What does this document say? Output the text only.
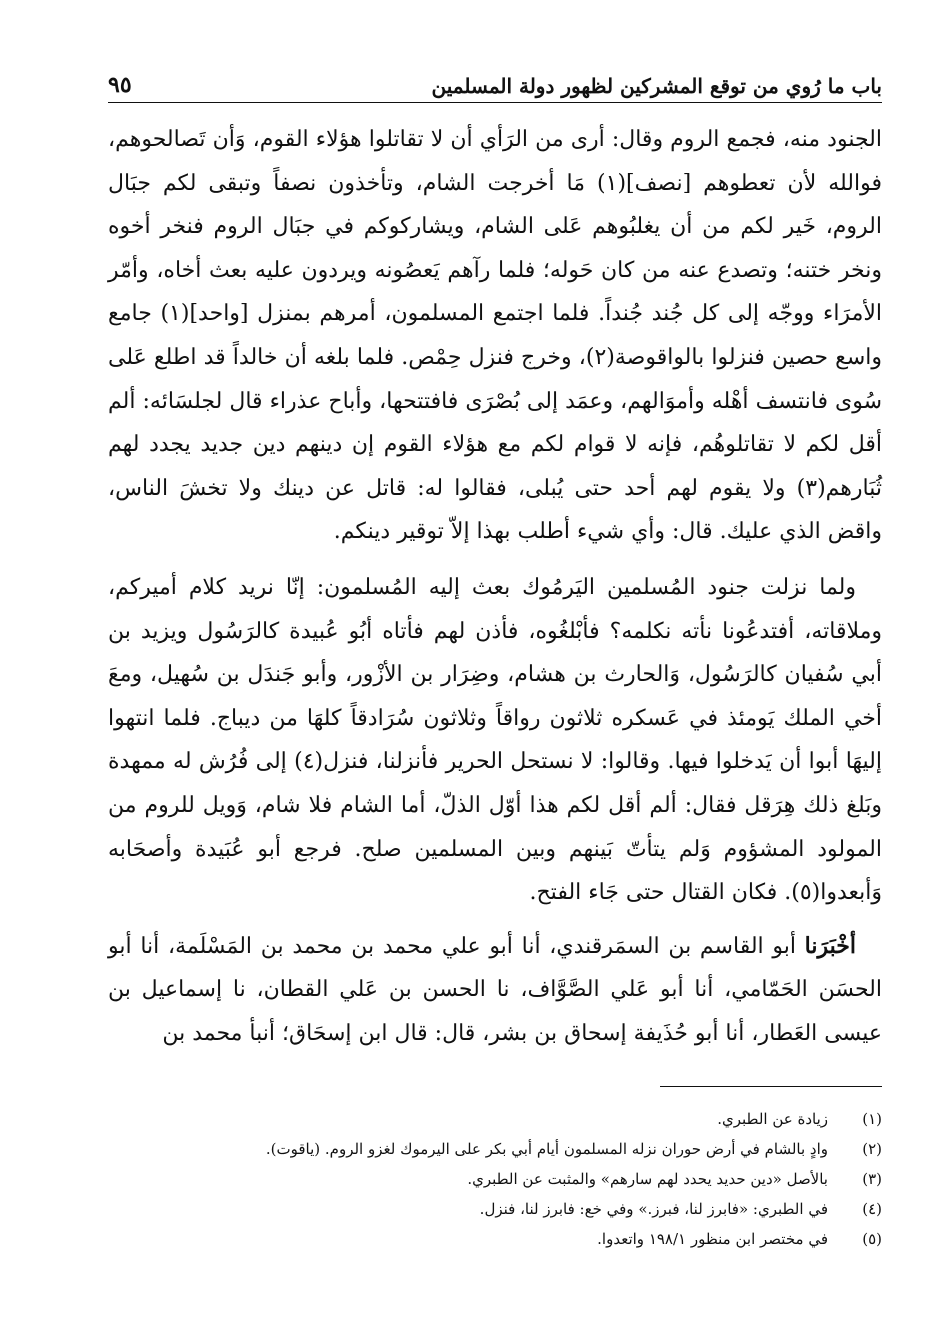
باب ما رُوي من توقع المشركين لظهور دولة المسلمين
٩٥

الجنود منه، فجمع الروم وقال: أرى من الرَأي أن لا تقاتلوا هؤلاء القوم، وَأن تَصالحوهم، فوالله لأن تعطوهم [نصف](١) مَا أخرجت الشام، وتأخذون نصفاً وتبقى لكم جبَال الروم، خَير لكم من أن يغلبُوهم عَلى الشام، ويشاركوكم في جبَال الروم فنخر أخوه ونخر ختنه؛ وتصدع عنه من كان حَوله؛ فلما رآهم يَعصُونه ويردون عليه بعث أخاه، وأمّر الأمرَاء ووجّه إلى كل جُند جُنداً. فلما اجتمع المسلمون، أمرهم بمنزل [واحد](١) جامع واسع حصين فنزلوا بالواقوصة(٢)، وخرج فنزل حِمْص. فلما بلغه أن خالداً قد اطلع عَلى سُوى فانتسف أهْله وأموَالهم، وعمَد إلى بُصْرَى فافتتحها، وأباح عذراء قال لجلسَائه: ألم أقل لكم لا تقاتلوهُم، فإنه لا قوام لكم مع هؤلاء القوم إن دينهم دين جديد يجدد لهم ثُبَارهم(٣) ولا يقوم لهم أحد حتى يُبلى، فقالوا له: قاتل عن دينك ولا تخشَ الناس، واقض الذي عليك. قال: وأي شيء أطلب بهذا إلاّ توقير دينكم.

ولما نزلت جنود المُسلمين اليَرمُوك بعث إليه المُسلمون: إنّا نريد كلام أميركم، وملاقاته، أفتدعُونا نأته نكلمه؟ فأبْلغُوه، فأذن لهم فأتاه أبُو عُبيدة كالرَسُول ويزيد بن أبي سُفيان كالرَسُول، وَالحارث بن هشام، وضِرَار بن الأزْور، وأبو جَندَل بن سُهيل، ومعَ أخي الملك يَومئذ في عَسكره ثلاثون رواقاً وثلاثون سُرَادقاً كلهَا من ديباج. فلما انتهوا إليهَا أبوا أن يَدخلوا فيها. وقالوا: لا نستحل الحرير فأنزلنا، فنزل(٤) إلى فُرُش له ممهدة وبَلغ ذلك هِرَقل فقال: ألم أقل لكم هذا أوّل الذلّ، أما الشام فلا شام، وَويل للروم من المولود المشؤوم وَلم يتأتّ بَينهم وبين المسلمين صلح. فرجع أبو عُبَيدة وأصحَابه وَأبعدوا(٥). فكان القتال حتى جَاء الفتح.

أخْبَرَنا أبو القاسم بن السمَرقندي، أنا أبو علي محمد بن محمد بن المَسْلَمة، أنا أبو الحسَن الحَمّامي، أنا أبو عَلي الصَّوَّاف، نا الحسن بن عَلي القطان، نا إسماعيل بن عيسى العَطار، أنا أبو حُذَيفة إسحاق بن بشر، قال: قال ابن إسحَاق؛ أنبأ محمد بن

(١)
زيادة عن الطبري.
(٢)
وادٍ بالشام في أرض حوران نزله المسلمون أيام أبي بكر على اليرموك لغزو الروم. (ياقوت).
(٣)
بالأصل «دين حديد يحدد لهم سارهم» والمثبت عن الطبري.
(٤)
في الطبري: «فابرز لنا، فبرز.» وفي خع: فابرز لنا، فنزل.
(٥)
في مختصر ابن منظور ١٩٨/١ واتعدوا.
